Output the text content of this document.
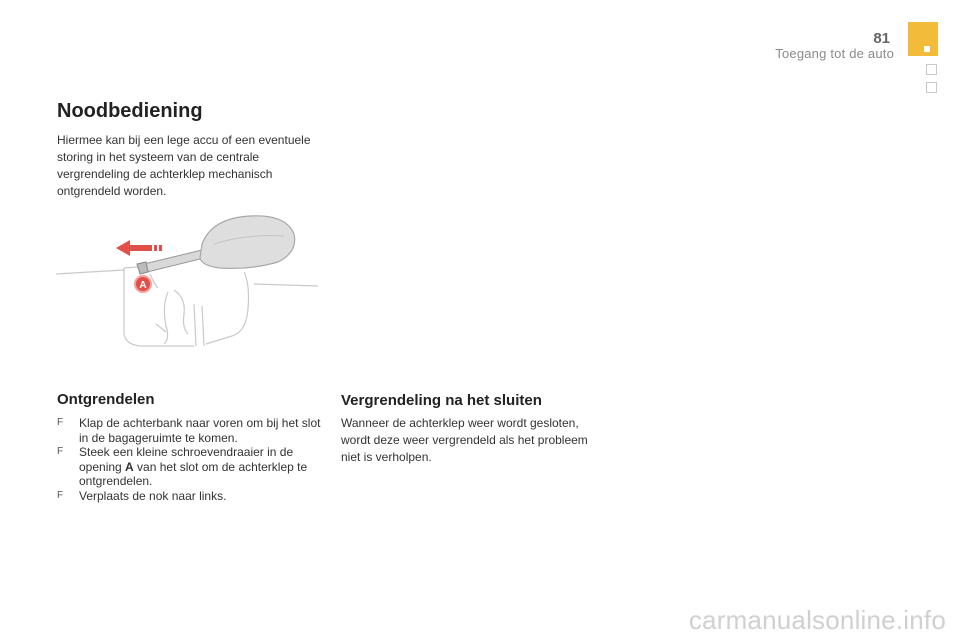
81
Toegang tot de auto
Noodbediening

Hiermee kan bij een lege accu of een eventuele storing in het systeem van de centrale vergrendeling de achterklep mechanisch ontgrendeld worden.

A
Ontgrendelen
F Klap de achterbank naar voren om bij het slot in de bagageruimte te komen.
F Steek een kleine schroevendraaier in de opening A van het slot om de achterklep te ontgrendelen.
F Verplaats de nok naar links.
Vergrendeling na het sluiten

Wanneer de achterklep weer wordt gesloten, wordt deze weer vergrendeld als het probleem niet is verholpen.

carmanualsonline.info
